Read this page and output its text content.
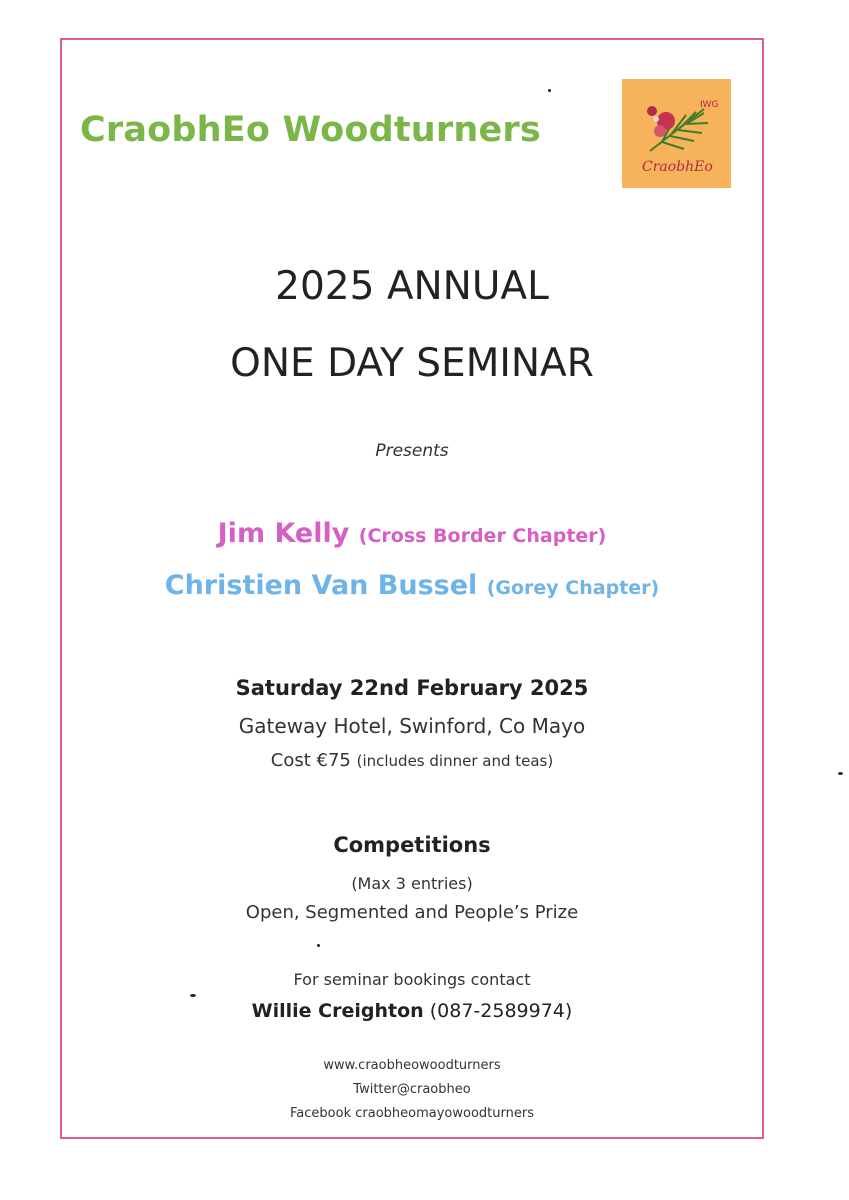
CraobhEo Woodturners
IWG
CraobhEo
2025 ANNUAL
ONE DAY SEMINAR
Presents
Jim Kelly (Cross Border Chapter)
Christien Van Bussel (Gorey Chapter)
Saturday 22nd February 2025
Gateway Hotel, Swinford, Co Mayo
Cost €75 (includes dinner and teas)
Competitions
(Max 3 entries)
Open, Segmented and People’s Prize
For seminar bookings contact
Willie Creighton (087-2589974)
www.craobheowoodturners
Twitter@craobheo
Facebook craobheomayowoodturners
